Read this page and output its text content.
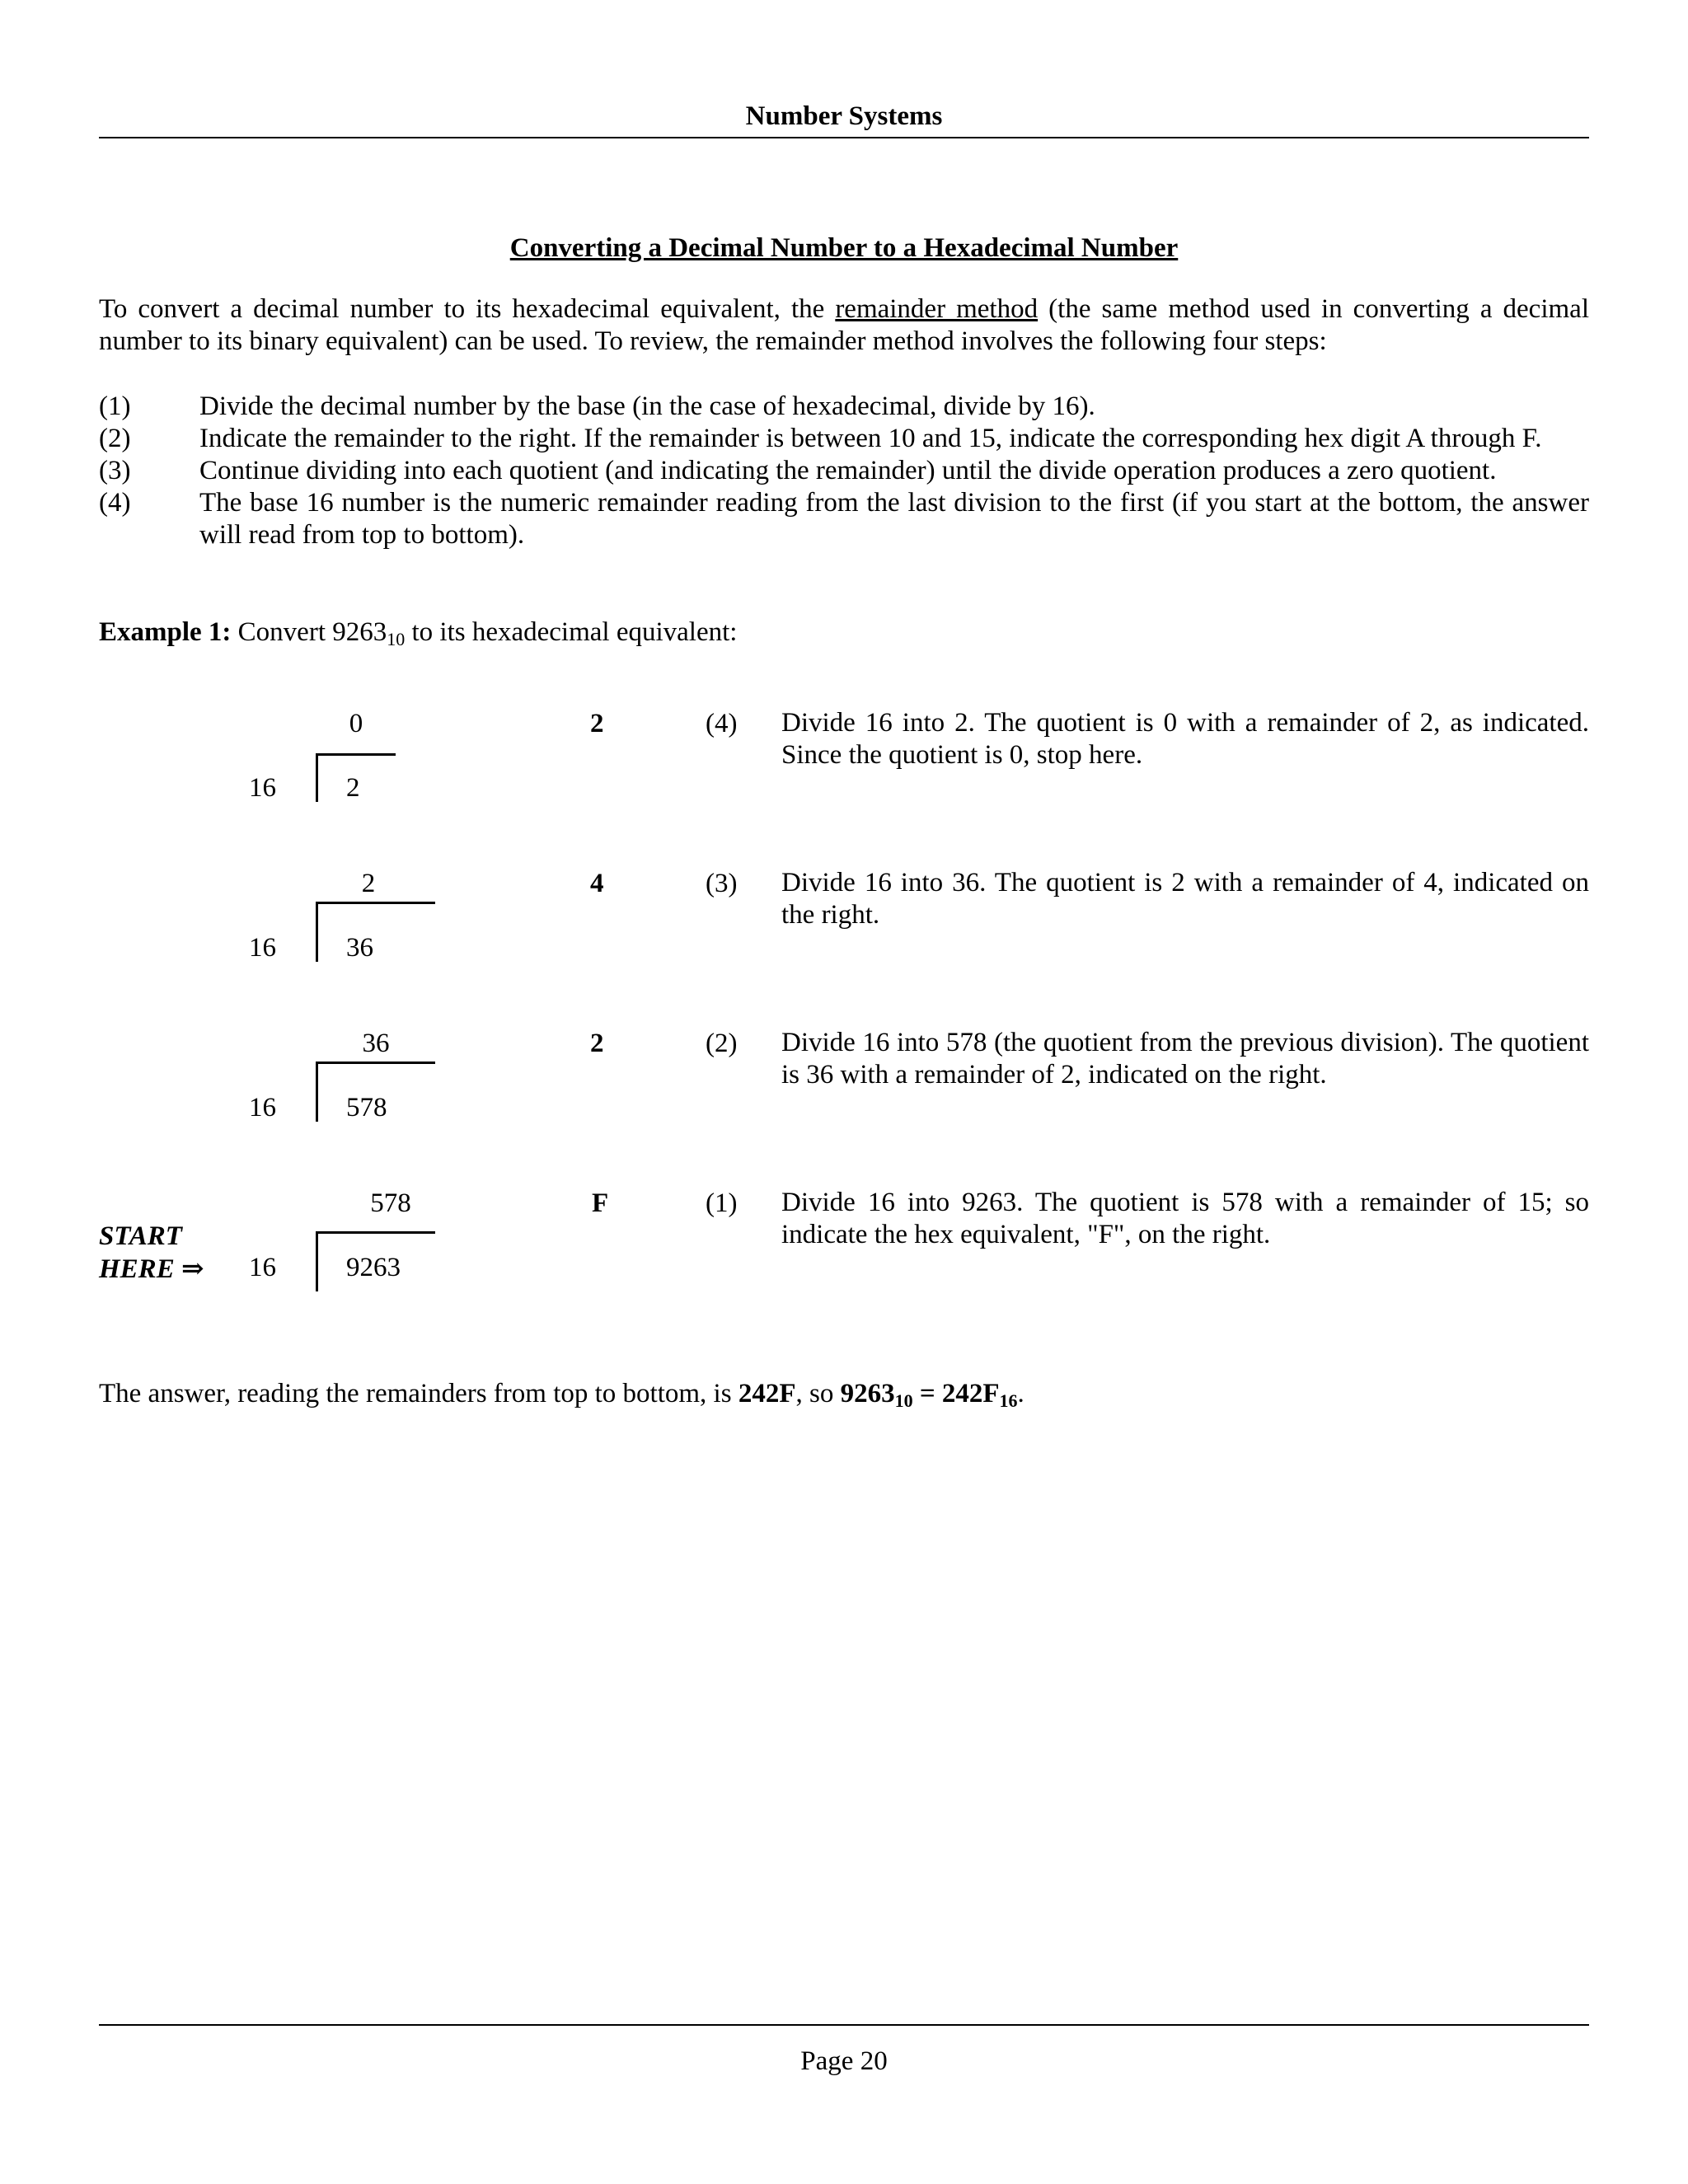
Number Systems
Converting a Decimal Number to a Hexadecimal Number
To convert a decimal number to its hexadecimal equivalent, the remainder method (the same method used in converting a decimal number to its binary equivalent) can be used. To review, the remainder method involves the following four steps:
(1)	Divide the decimal number by the base (in the case of hexadecimal, divide by 16).
(2)	Indicate the remainder to the right. If the remainder is between 10 and 15, indicate the corresponding hex digit A through F.
(3)	Continue dividing into each quotient (and indicating the remainder) until the divide operation produces a zero quotient.
(4)	The base 16 number is the numeric remainder reading from the last division to the first (if you start at the bottom, the answer will read from top to bottom).
Example 1: Convert $9263_{10}$ to its hexadecimal equivalent:
0
16	2
2	(4) Divide 16 into 2. The quotient is 0 with a remainder of 2, as indicated. Since the quotient is 0, stop here.
2
16	36
4	(3) Divide 16 into 36. The quotient is 2 with a remainder of 4, indicated on the right.
36
16	578
2	(2) Divide 16 into 578 (the quotient from the previous division). The quotient is 36 with a remainder of 2, indicated on the right.
578
16	9263
F	(1) Divide 16 into 9263. The quotient is 578 with a remainder of 15; so indicate the hex equivalent, "F", on the right.
START
HERE ⇒
The answer, reading the remainders from top to bottom, is 242F, so $9263_{10} = 242F_{16}$.
Page 20
